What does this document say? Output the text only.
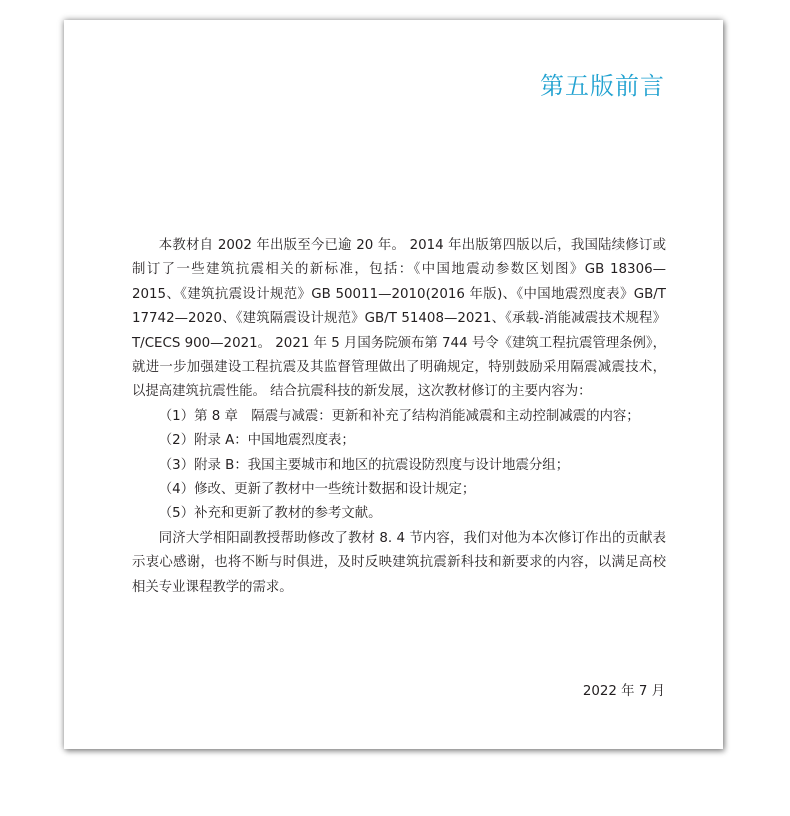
第五版前言

本教材自 2002 年出版至今已逾 20 年。 2014 年出版第四版以后，我国陆续修订或制订了一些建筑抗震相关的新标准，包括：《中国地震动参数区划图》GB 18306—2015、《建筑抗震设计规范》GB 50011—2010(2016 年版)、《中国地震烈度表》GB/T 17742—2020、《建筑隔震设计规范》GB/T 51408—2021、《承载-消能减震技术规程》T/CECS 900—2021。 2021 年 5 月国务院颁布第 744 号令《建筑工程抗震管理条例》，就进一步加强建设工程抗震及其监督管理做出了明确规定，特别鼓励采用隔震减震技术，以提高建筑抗震性能。 结合抗震科技的新发展，这次教材修订的主要内容为：

（1）第 8 章　隔震与减震：更新和补充了结构消能减震和主动控制减震的内容；

（2）附录 A：中国地震烈度表；

（3）附录 B：我国主要城市和地区的抗震设防烈度与设计地震分组；

（4）修改、更新了教材中一些统计数据和设计规定；

（5）补充和更新了教材的参考文献。

同济大学相阳副教授帮助修改了教材 8. 4 节内容，我们对他为本次修订作出的贡献表示衷心感谢，也将不断与时俱进，及时反映建筑抗震新科技和新要求的内容，以满足高校相关专业课程教学的需求。

2022 年 7 月
